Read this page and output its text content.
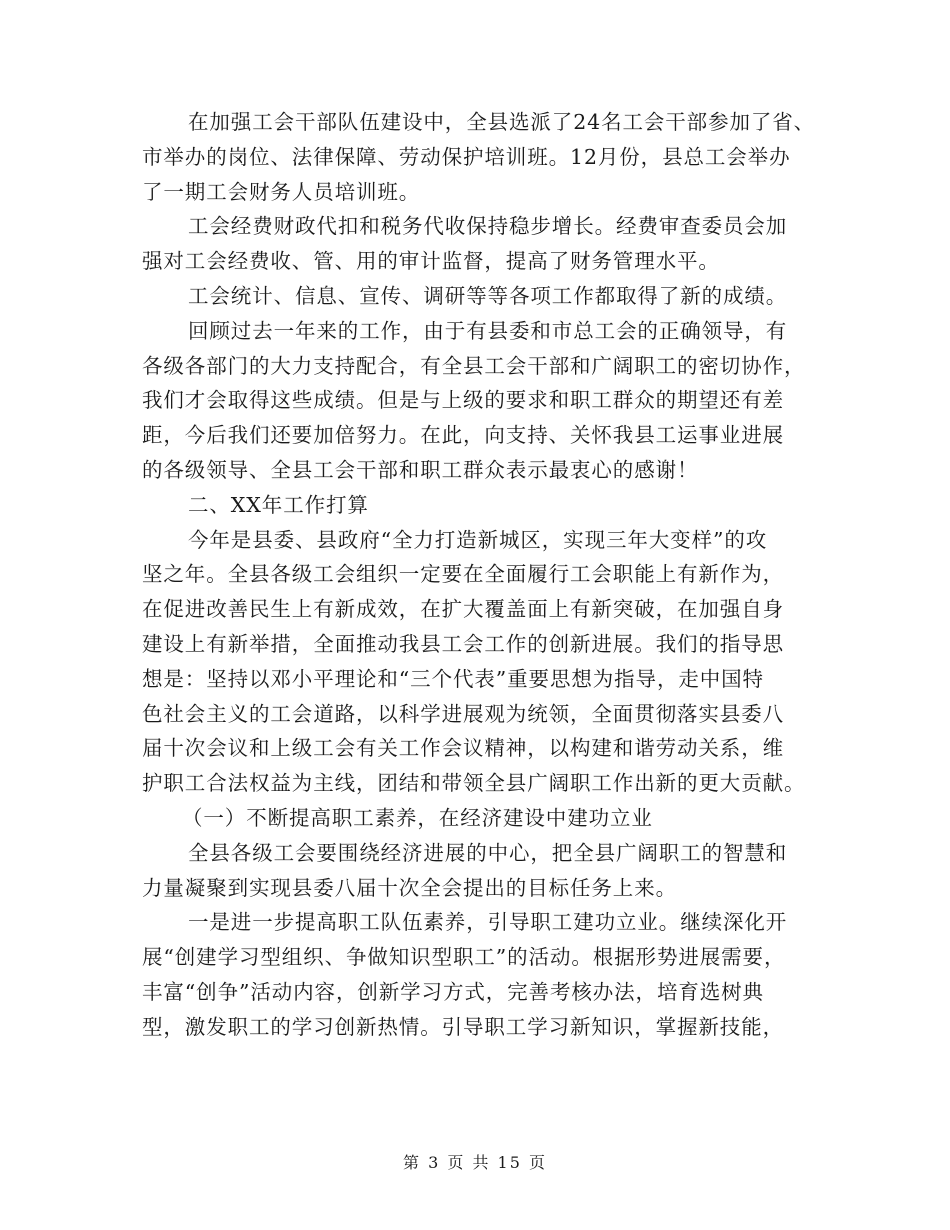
在加强工会干部队伍建设中，全县选派了24名工会干部参加了省、
市举办的岗位、法律保障、劳动保护培训班。12月份，县总工会举办
了一期工会财务人员培训班。
工会经费财政代扣和税务代收保持稳步增长。经费审查委员会加
强对工会经费收、管、用的审计监督，提高了财务管理水平。
工会统计、信息、宣传、调研等等各项工作都取得了新的成绩。
回顾过去一年来的工作，由于有县委和市总工会的正确领导，有
各级各部门的大力支持配合，有全县工会干部和广阔职工的密切协作，
我们才会取得这些成绩。但是与上级的要求和职工群众的期望还有差
距，今后我们还要加倍努力。在此，向支持、关怀我县工运事业进展
的各级领导、全县工会干部和职工群众表示最衷心的感谢！
二、XX年工作打算
今年是县委、县政府“全力打造新城区，实现三年大变样”的攻
坚之年。全县各级工会组织一定要在全面履行工会职能上有新作为，
在促进改善民生上有新成效，在扩大覆盖面上有新突破，在加强自身
建设上有新举措，全面推动我县工会工作的创新进展。我们的指导思
想是：坚持以邓小平理论和“三个代表”重要思想为指导，走中国特
色社会主义的工会道路，以科学进展观为统领，全面贯彻落实县委八
届十次会议和上级工会有关工作会议精神，以构建和谐劳动关系，维
护职工合法权益为主线，团结和带领全县广阔职工作出新的更大贡献。
（一）不断提高职工素养，在经济建设中建功立业
全县各级工会要围绕经济进展的中心，把全县广阔职工的智慧和
力量凝聚到实现县委八届十次全会提出的目标任务上来。
一是进一步提高职工队伍素养，引导职工建功立业。继续深化开
展“创建学习型组织、争做知识型职工”的活动。根据形势进展需要，
丰富“创争”活动内容，创新学习方式，完善考核办法，培育选树典
型，激发职工的学习创新热情。引导职工学习新知识，掌握新技能，
第 3 页 共 15 页
